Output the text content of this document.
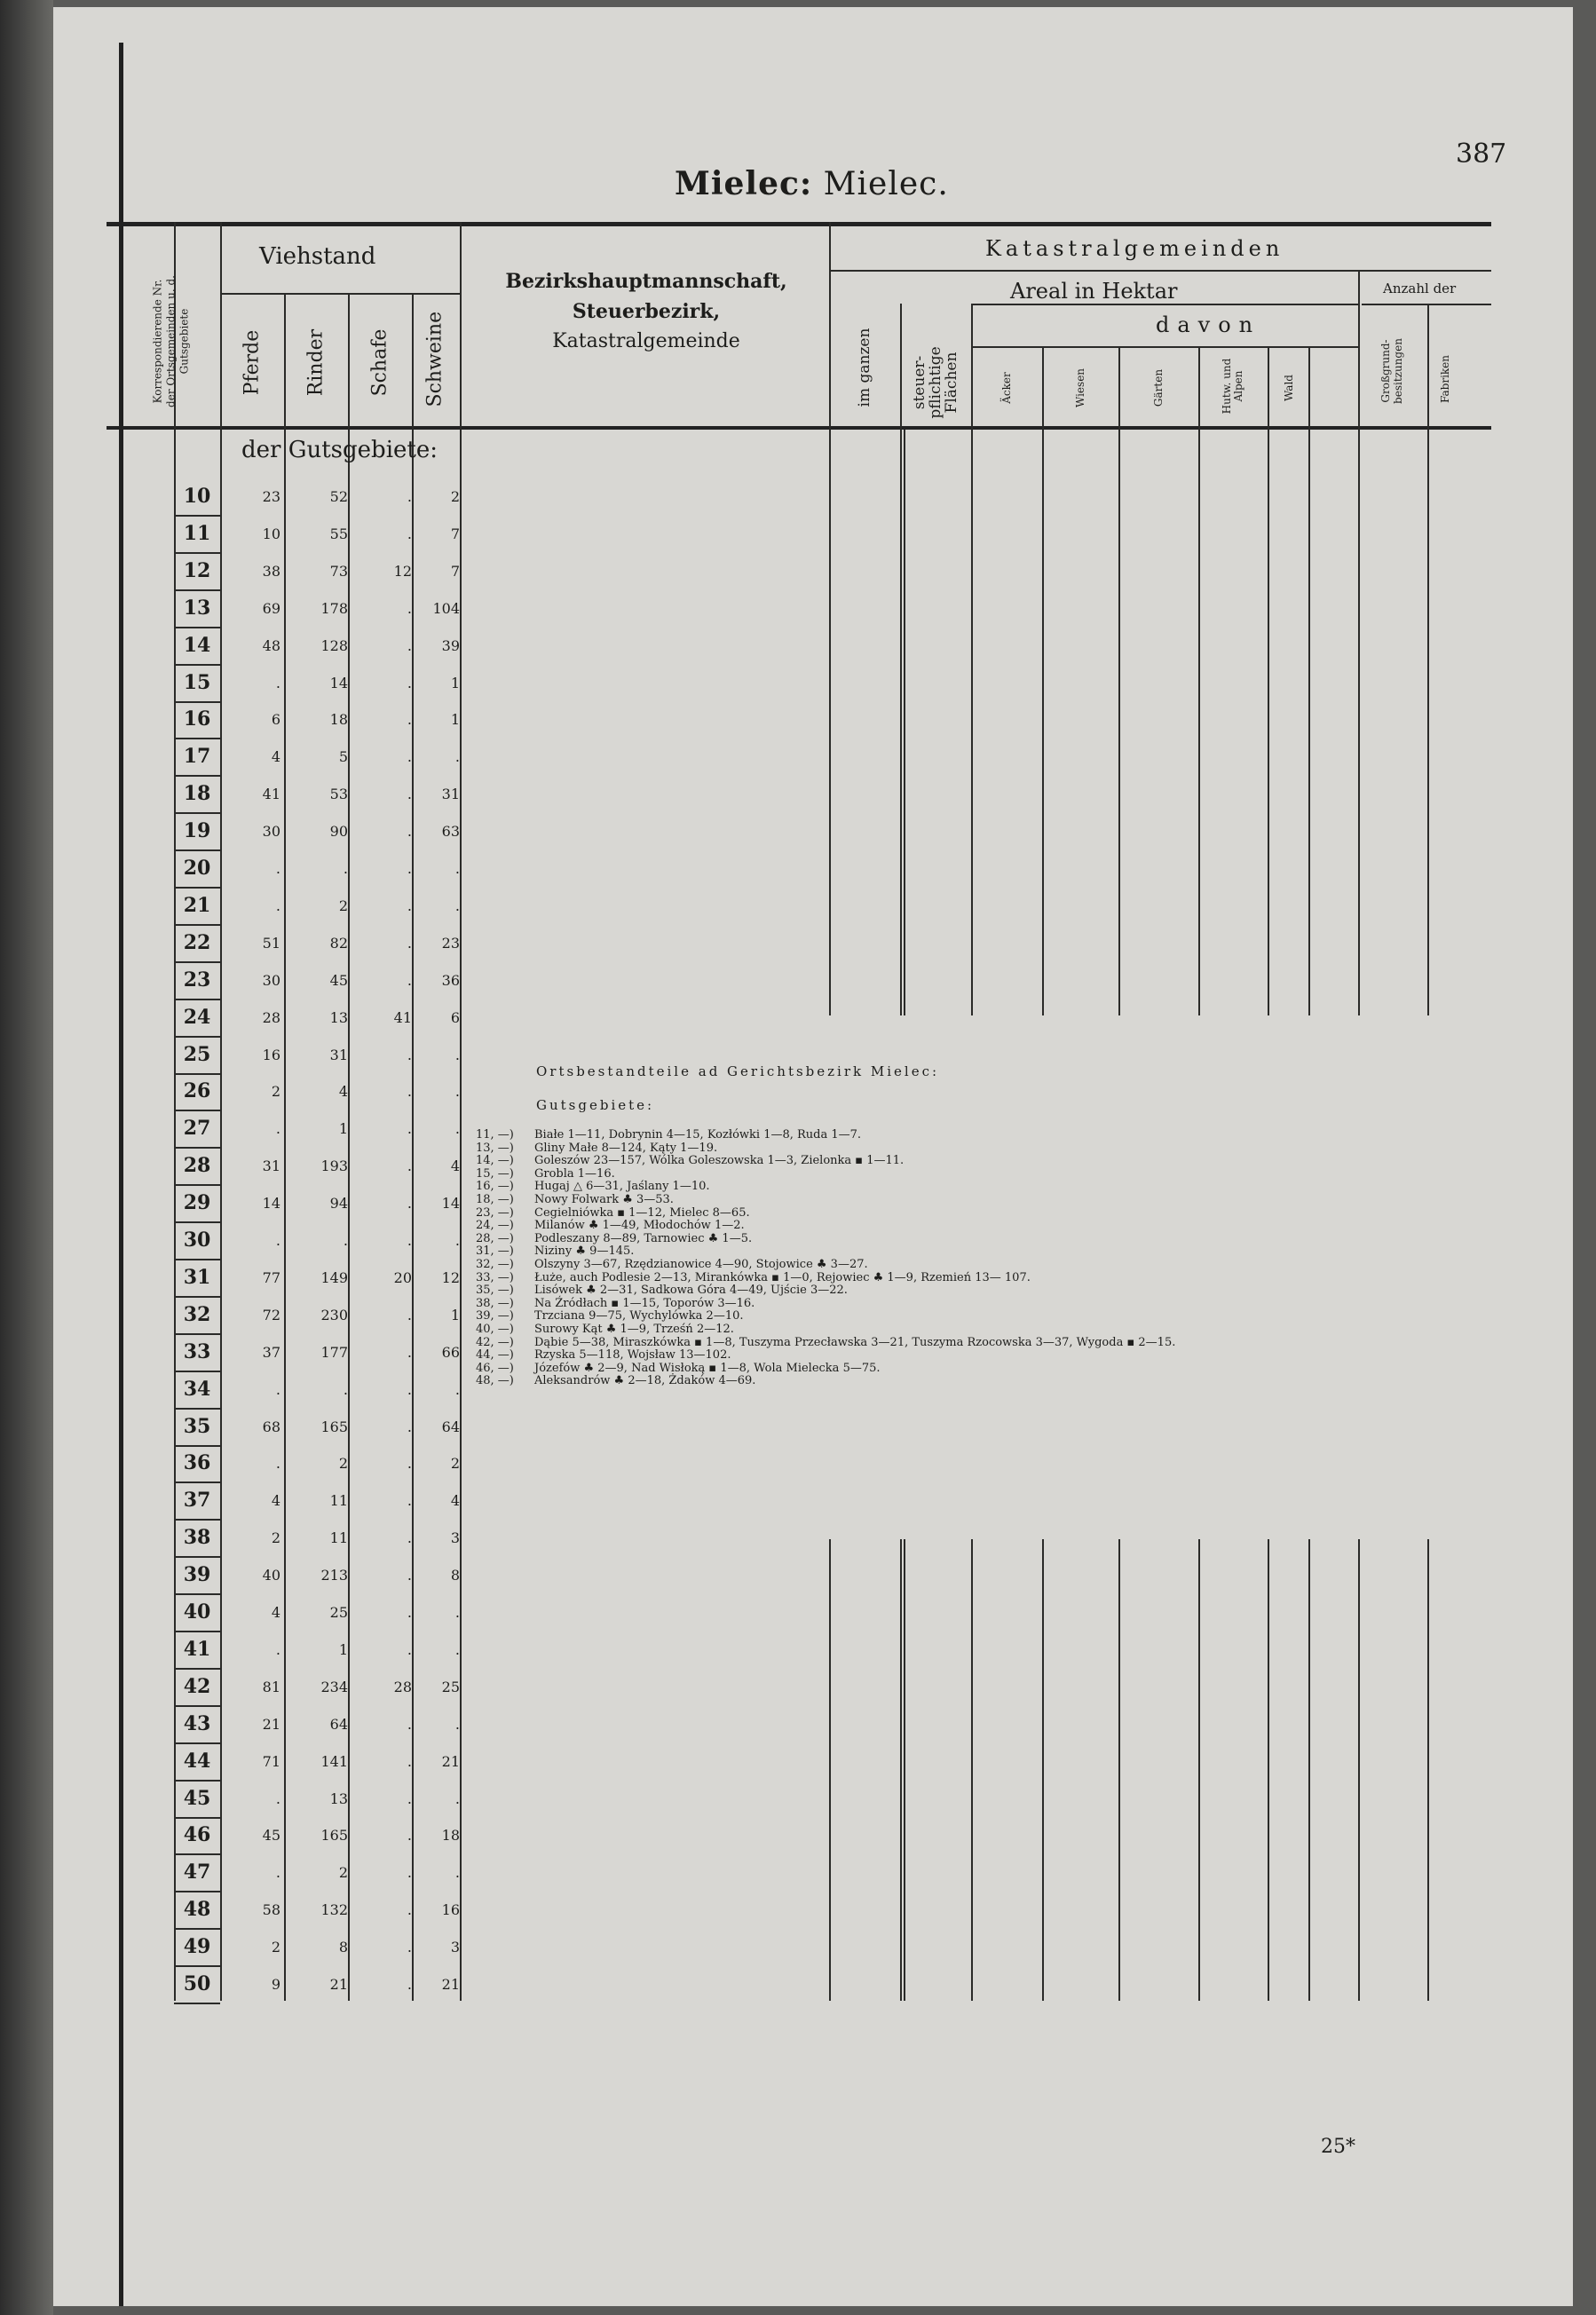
Mielec: Mielec.
387
Korrespondierende Nr. der Ortsgemeinden u. d. Gutsgebiete
Viehstand
Pferde Rinder Schafe Schweine
Bezirkshauptmannschaft,
Steuerbezirk,
Katastralgemeinde
Katastralgemeinden
Areal in Hektar	Anzahl der
davon
im ganzen steuer-pflichtige Flächen	Äcker	Wiesen	Gärten	Hutw. und Alpen	Wald	Großgrund-besitzungen	Fabriken
der Gutsgebiete:
10	23	52	.	2
11	10	55	.	7
12	38	73	12	7
13	69	178	.	104
14	48	128	.	39
15	.	14	.	1
16	6	18	.	1
17	4	5	.	.
18	41	53	.	31
19	30	90	.	63
20	.	.	.	.
21	.	2	.	.
22	51	82	.	23
23	30	45	.	36
24	28	13	41	6
25	16	31	.	.
26	2	4	.	.
27	.	1	.	.
28	31	193	.	4
29	14	94	.	14
30	.	.	.	.
31	77	149	20	12
32	72	230	.	1
33	37	177	.	66
34	.	.	.	.
35	68	165	.	64
36	.	2	.	2
37	4	11	.	4
38	2	11	.	3
39	40	213	.	8
40	4	25	.	.
41	.	1	.	.
42	81	234	28	25
43	21	64	.	.
44	71	141	.	21
45	.	13	.	.
46	45	165	.	18
47	.	2	.	.
48	58	132	.	16
49	2	8	.	3
50	9	21	.	21
Ortsbestandteile ad Gerichtsbezirk Mielec:
Gutsgebiete:
11, —) Białe 1—11, Dobrynin 4—15, Kozłówki 1—8, Ruda 1—7.
13, —) Gliny Małe 8—124, Kąty 1—19.
14, —) Goleszów 23—157, Wólka Goleszowska 1—3, Zielonka ▪ 1—11.
15, —) Grobla 1—16.
16, —) Hugaj △ 6—31, Jaślany 1—10.
18, —) Nowy Folwark ♣ 3—53.
23, —) Cegielniówka ▪ 1—12, Mielec 8—65.
24, —) Milanów ♣ 1—49, Młodochów 1—2.
28, —) Podleszany 8—89, Tarnowiec ♣ 1—5.
31, —) Niziny ♣ 9—145.
32, —) Olszyny 3—67, Rzędzianowice 4—90, Stojowice ♣ 3—27.
33, —) Łuże, auch Podlesie 2—13, Mirankówka ▪ 1—0, Rejowiec ♣ 1—9, Rzemień 13— 107.
35, —) Lisówek ♣ 2—31, Sadkowa Góra 4—49, Ujście 3—22.
38, —) Na Źródłach ▪ 1—15, Toporów 3—16.
39, —) Trzciana 9—75, Wychylówka 2—10.
40, —) Surowy Kąt ♣ 1—9, Trześń 2—12.
42, —) Dąbie 5—38, Miraszkówka ▪ 1—8, Tuszyma Przecławska 3—21, Tuszyma Rzocowska 3—37, Wygoda ▪ 2—15.
44, —) Rzyska 5—118, Wojsław 13—102.
46, —) Józefów ♣ 2—9, Nad Wisłoką ▪ 1—8, Wola Mielecka 5—75.
48, —) Aleksandrów ♣ 2—18, Żdaków 4—69.
25*
